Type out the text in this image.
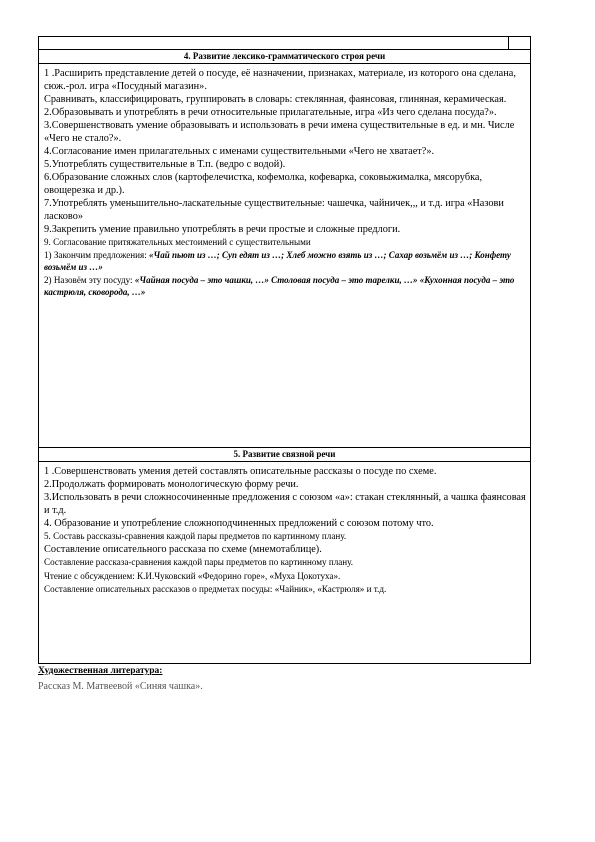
4. Развитие лексико-грамматического строя речи

1 .Расширить представление детей о посуде, её назначении, признаках, материале, из которого она сделана, сюж.-рол. игра «Посудный магазин».

Сравнивать, классифицировать, группировать в словарь: стеклянная, фаянсовая, глиняная, керамическая.

2.Образовывать и употреблять в речи относительные прилагательные, игра «Из чего сделана посуда?».

3.Совершенствовать умение образовывать и использовать в речи имена существительные в ед. и мн. Числе «Чего не стало?».

4.Согласование имен прилагательных с именами существительными «Чего не хватает?».

5.Употреблять существительные в Т.п. (ведро с водой).

6.Образование сложных слов (картофелечистка, кофемолка, кофеварка, соковыжималка, мясорубка, овощерезка и др.).

7.Употреблять уменьшительно-ласкательные существительные: чашечка, чайничек,,, и т.д. игра «Назови ласково»

9.Закрепить умение правильно употреблять в речи простые и сложные предлоги.

9. Согласование притяжательных местоимений с существительными

1) Закончим предложения: «Чай пьют из …; Суп едят из …; Хлеб можно взять из …; Сахар возьмём из …; Конфету возьмём из …»

2) Назовём эту посуду: «Чайная посуда – это чашки, …» Столовая посуда – это тарелки, …» «Кухонная посуда – это кастрюля, сковорода, …»

5. Развитие связной речи

1 .Совершенствовать умения детей составлять описательные рассказы о посуде по схеме.

2.Продолжать формировать монологическую форму речи.

3.Использовать в речи сложносочиненные предложения с союзом «а»: стакан стеклянный, а чашка фаянсовая и т.д.

4. Образование и употребление сложноподчиненных предложений с союзом потому что.

5. Составь рассказы-сравнения каждой пары предметов по картинному плану.

Составление описательного рассказа по схеме (мнемотаблице).

Составление рассказа-сравнения каждой пары предметов по картинному плану.

Чтение с обсуждением: К.И.Чуковский «Федорино горе», «Муха Цокотуха».

Составление описательных рассказов о предметах посуды: «Чайник», «Кастрюля» и т.д.

Художественная литература:
Рассказ М. Матвеевой «Синяя чашка».
